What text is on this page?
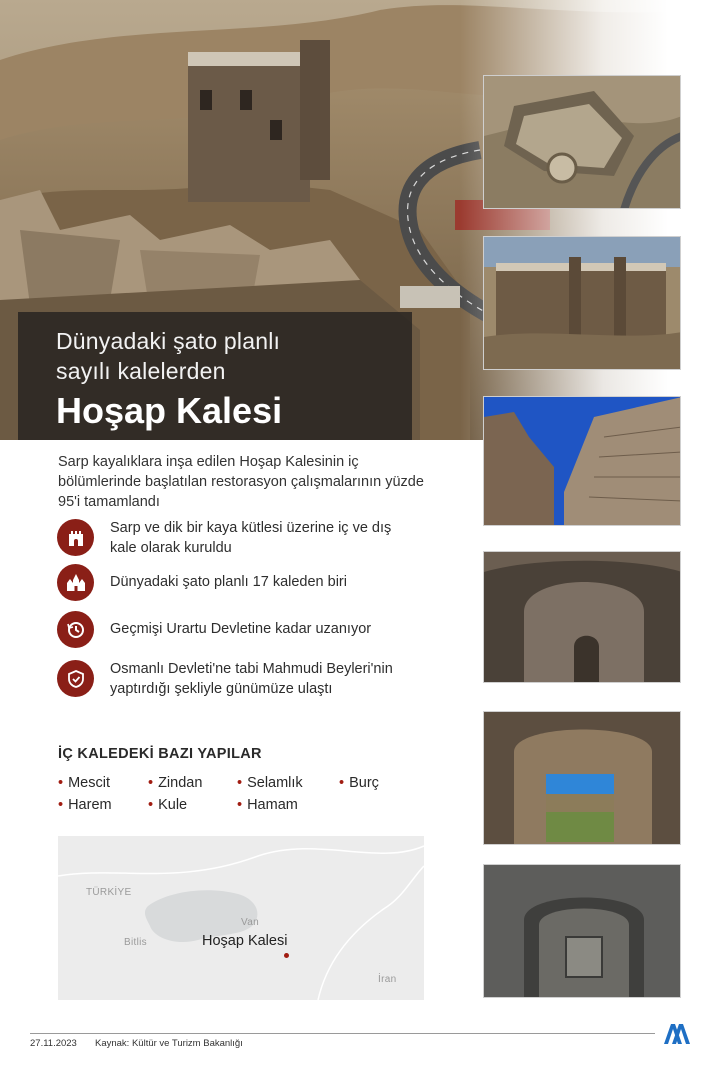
Dünyadaki şato planlı
sayılı kalelerden
Hoşap Kalesi
Sarp kayalıklara inşa edilen Hoşap Kalesinin iç bölümlerinde başlatılan restorasyon çalışmalarının yüzde 95'i tamamlandı
Sarp ve dik bir kaya kütlesi üzerine iç ve dış kale olarak kuruldu
Dünyadaki şato planlı 17 kaleden biri
Geçmişi Urartu Devletine kadar uzanıyor
Osmanlı Devleti'ne tabi Mahmudi Beyleri'nin yaptırdığı şekliyle günümüze ulaştı
İÇ KALEDEKİ BAZI YAPILAR
• Mescit	• Zindan	• Selamlık	• Burç
• Harem	• Kule	• Hamam
TÜRKİYE
Bitlis
Van
İran
Hoşap Kalesi
27.11.2023 Kaynak: Kültür ve Turizm Bakanlığı
